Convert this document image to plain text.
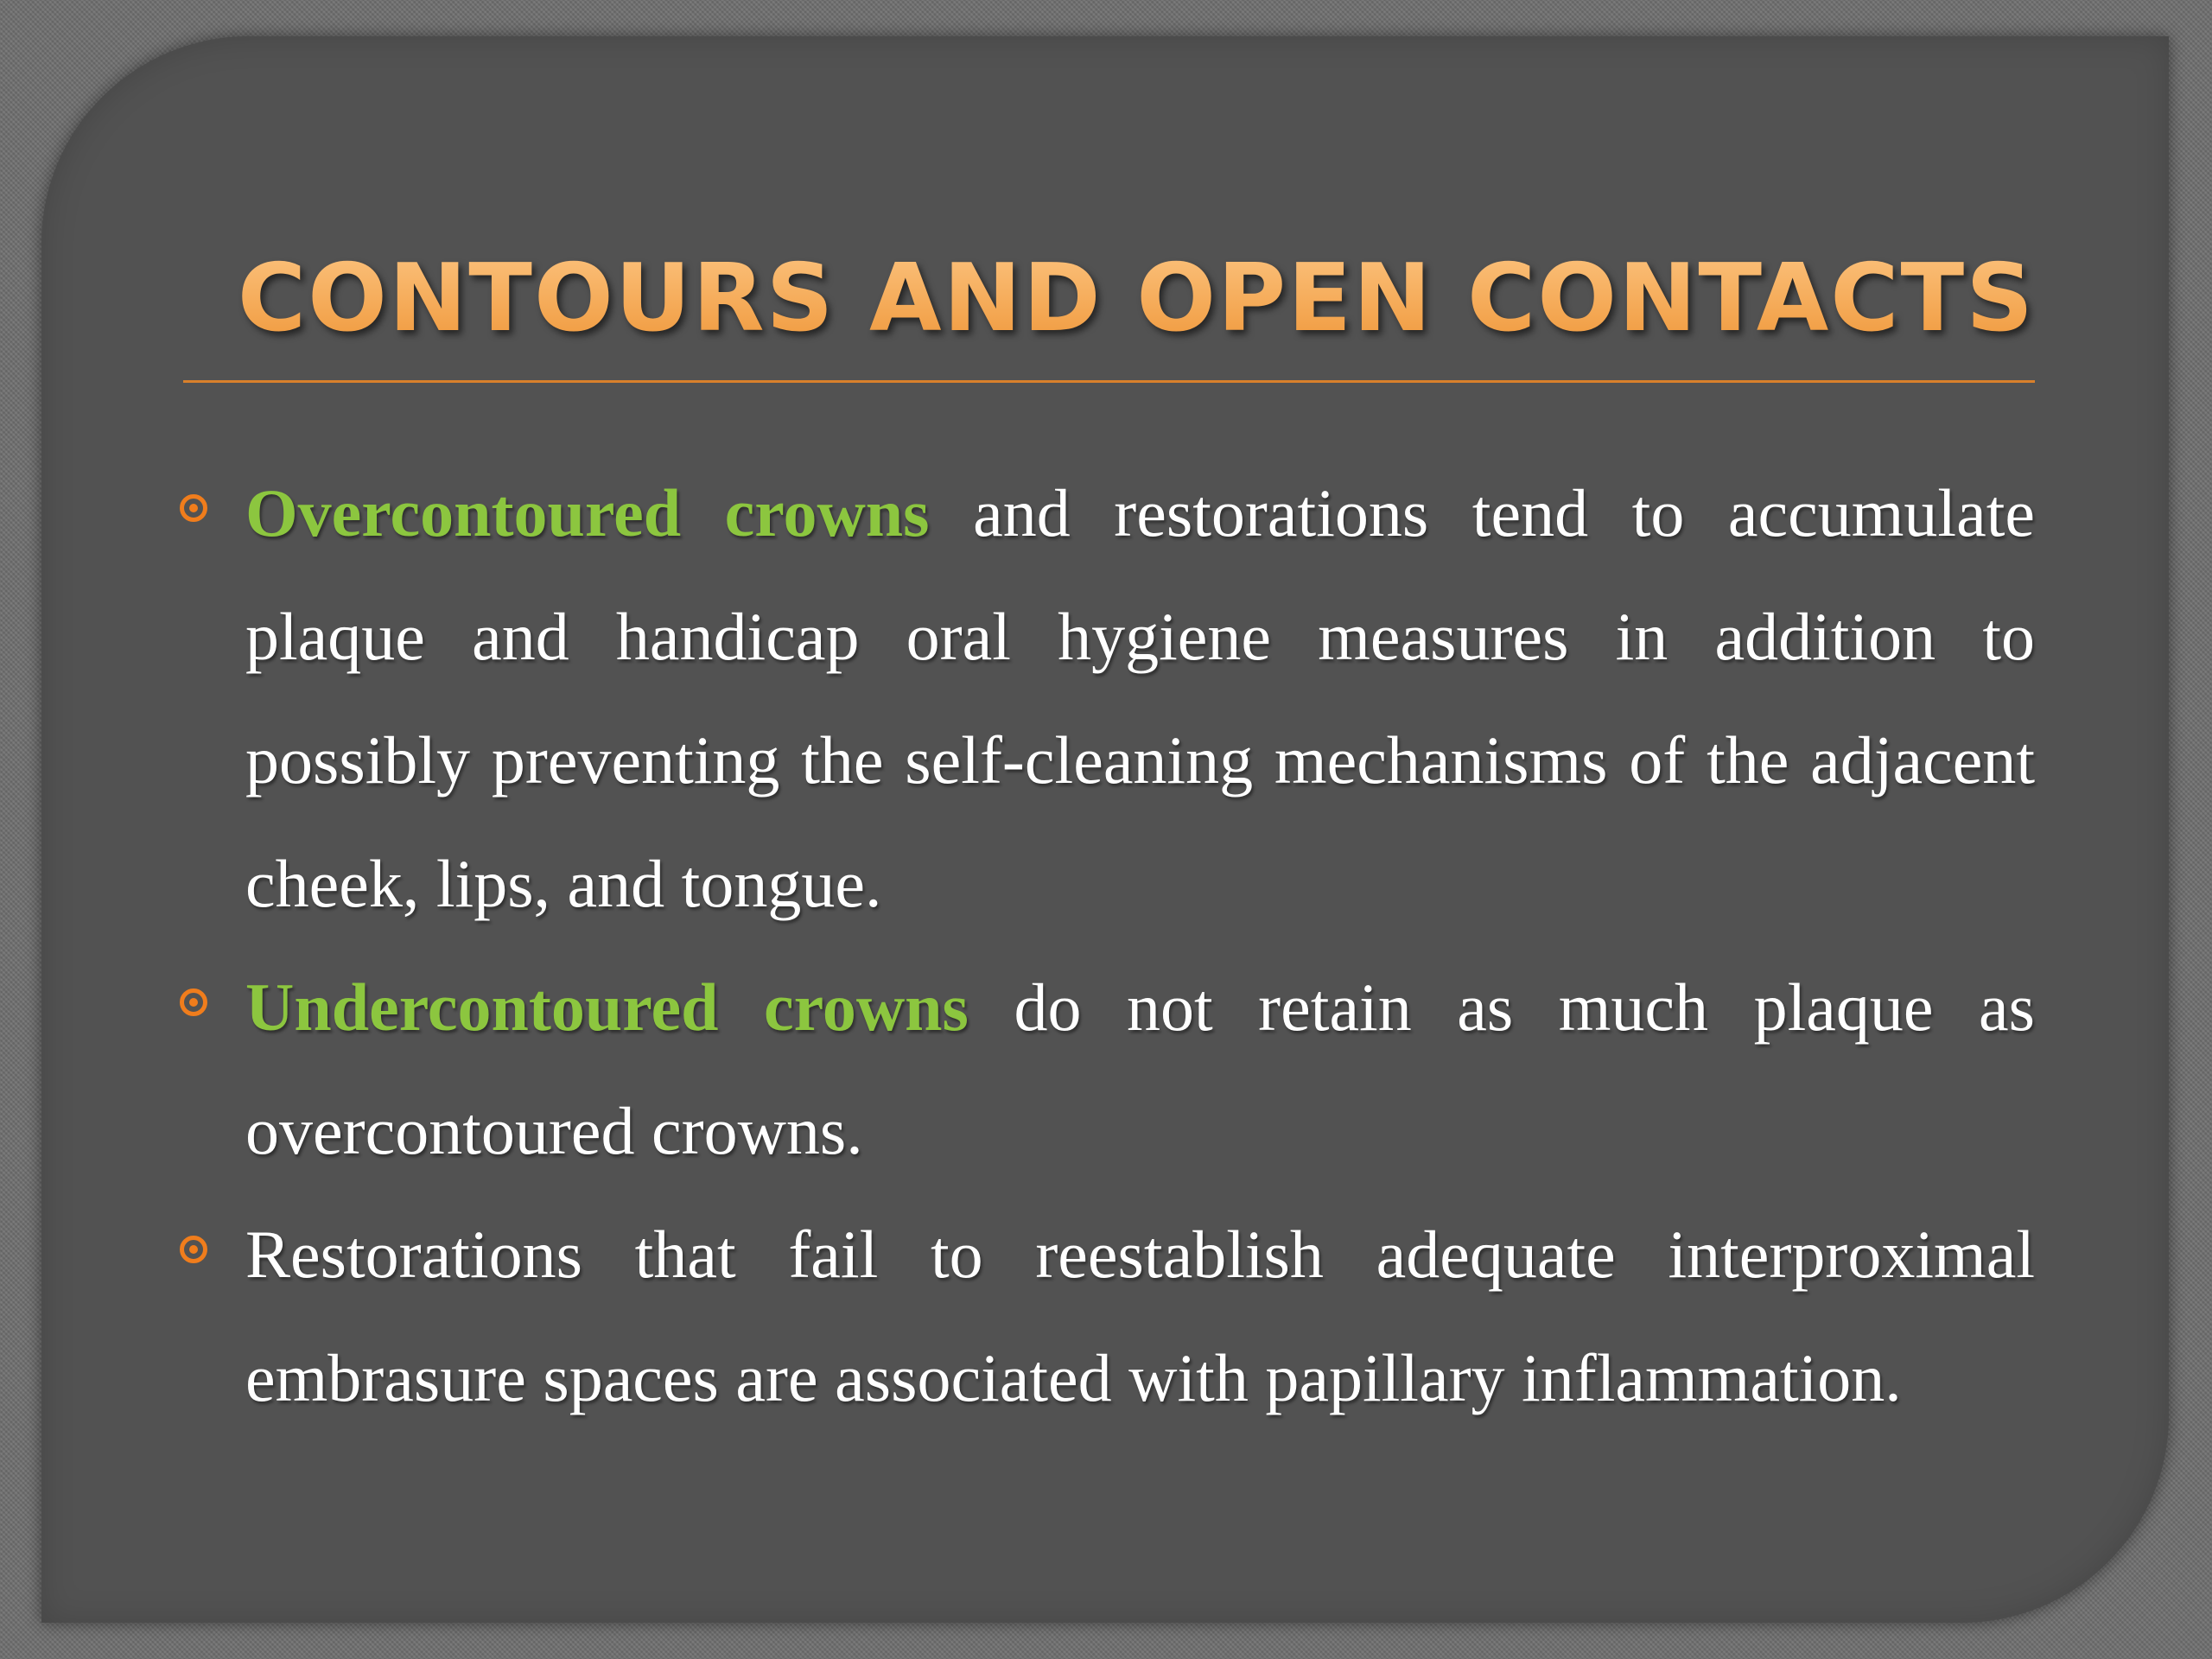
CONTOURS AND OPEN CONTACTS
Overcontoured crowns and restorations tend to accumulate plaque and handicap oral hygiene measures in addition to possibly preventing the self-cleaning mechanisms of the adjacent cheek, lips, and tongue.
Undercontoured crowns do not retain as much plaque as overcontoured crowns.
Restorations that fail to reestablish adequate interproximal embrasure spaces are associated with papillary inflammation.
